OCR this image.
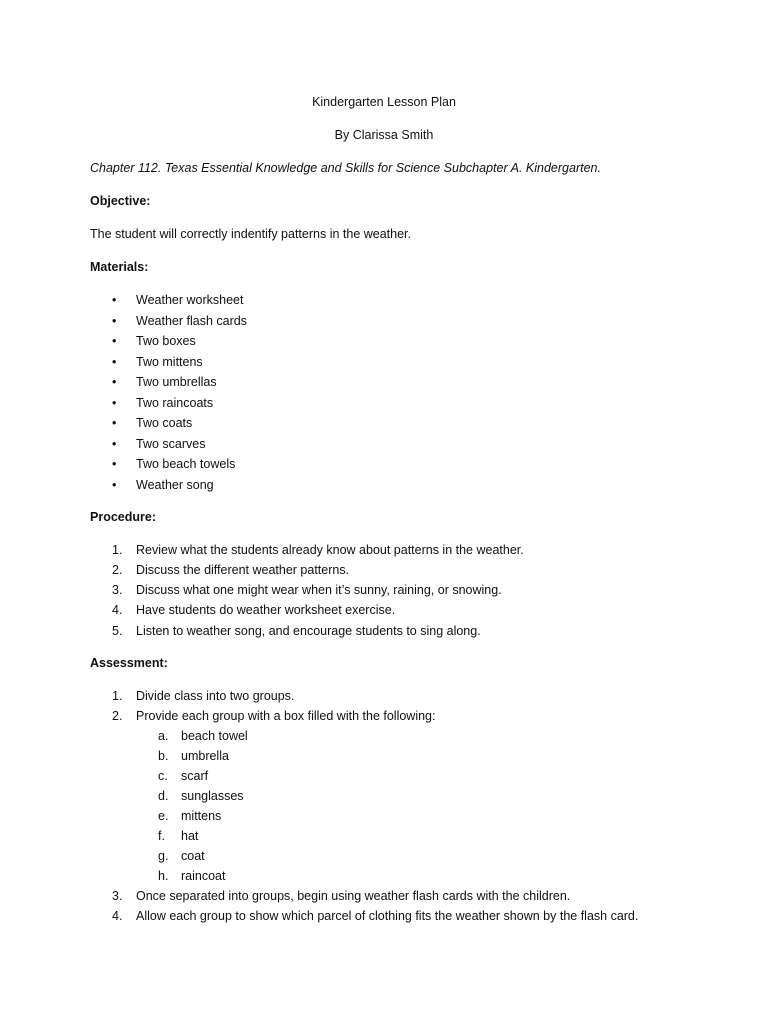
Kindergarten Lesson Plan
By Clarissa Smith
Chapter 112. Texas Essential Knowledge and Skills for Science Subchapter A. Kindergarten.
Objective:
The student will correctly indentify patterns in the weather.
Materials:
• Weather worksheet
• Weather flash cards
• Two boxes
• Two mittens
• Two umbrellas
• Two raincoats
• Two coats
• Two scarves
• Two beach towels
• Weather song
Procedure:
1. Review what the students already know about patterns in the weather.
2. Discuss the different weather patterns.
3. Discuss what one might wear when it’s sunny, raining, or snowing.
4. Have students do weather worksheet exercise.
5. Listen to weather song, and encourage students to sing along.
Assessment:
1. Divide class into two groups.
2. Provide each group with a box filled with the following:
a. beach towel
b. umbrella
c. scarf
d. sunglasses
e. mittens
f. hat
g. coat
h. raincoat
3. Once separated into groups, begin using weather flash cards with the children.
4. Allow each group to show which parcel of clothing fits the weather shown by the flash card.
